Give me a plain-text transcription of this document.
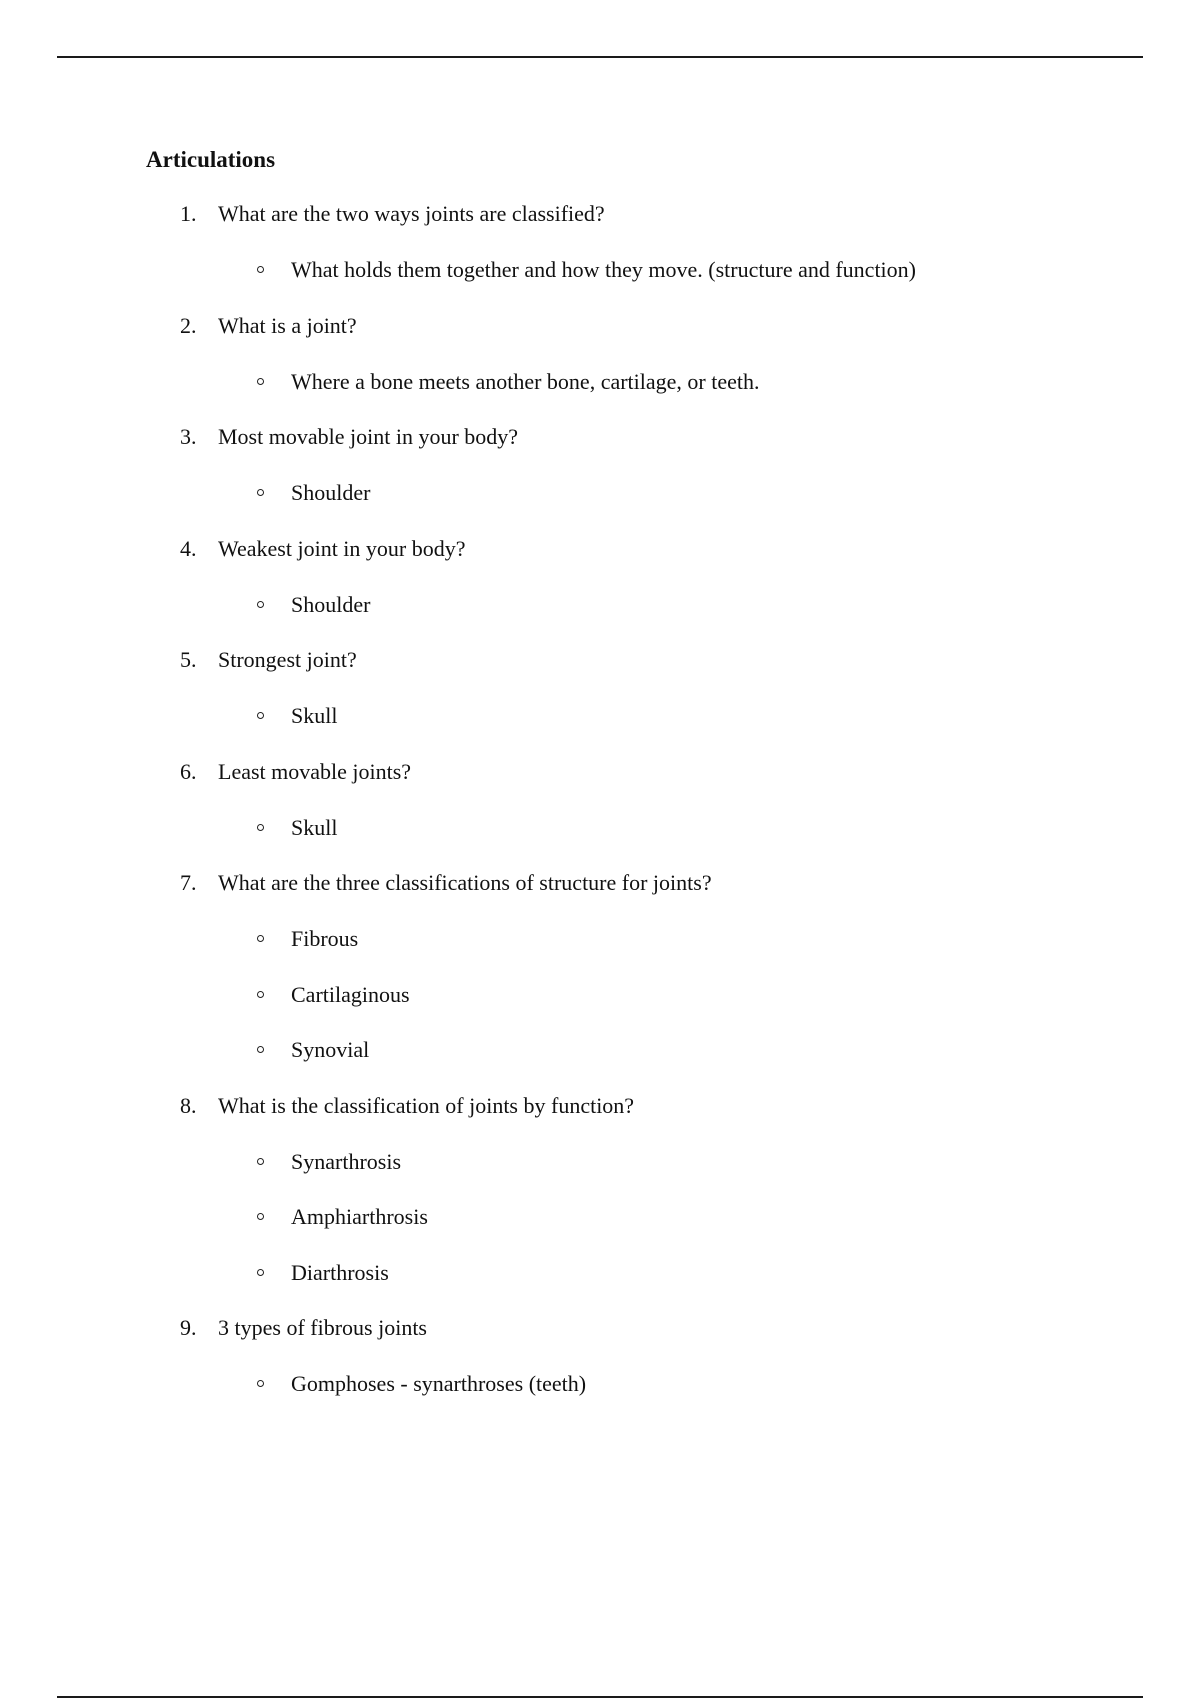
Articulations
1. What are the two ways joints are classified?
What holds them together and how they move. (structure and function)
2. What is a joint?
Where a bone meets another bone, cartilage, or teeth.
3. Most movable joint in your body?
Shoulder
4. Weakest joint in your body?
Shoulder
5. Strongest joint?
Skull
6. Least movable joints?
Skull
7. What are the three classifications of structure for joints?
Fibrous
Cartilaginous
Synovial
8. What is the classification of joints by function?
Synarthrosis
Amphiarthrosis
Diarthrosis
9. 3 types of fibrous joints
Gomphoses - synarthroses (teeth)
